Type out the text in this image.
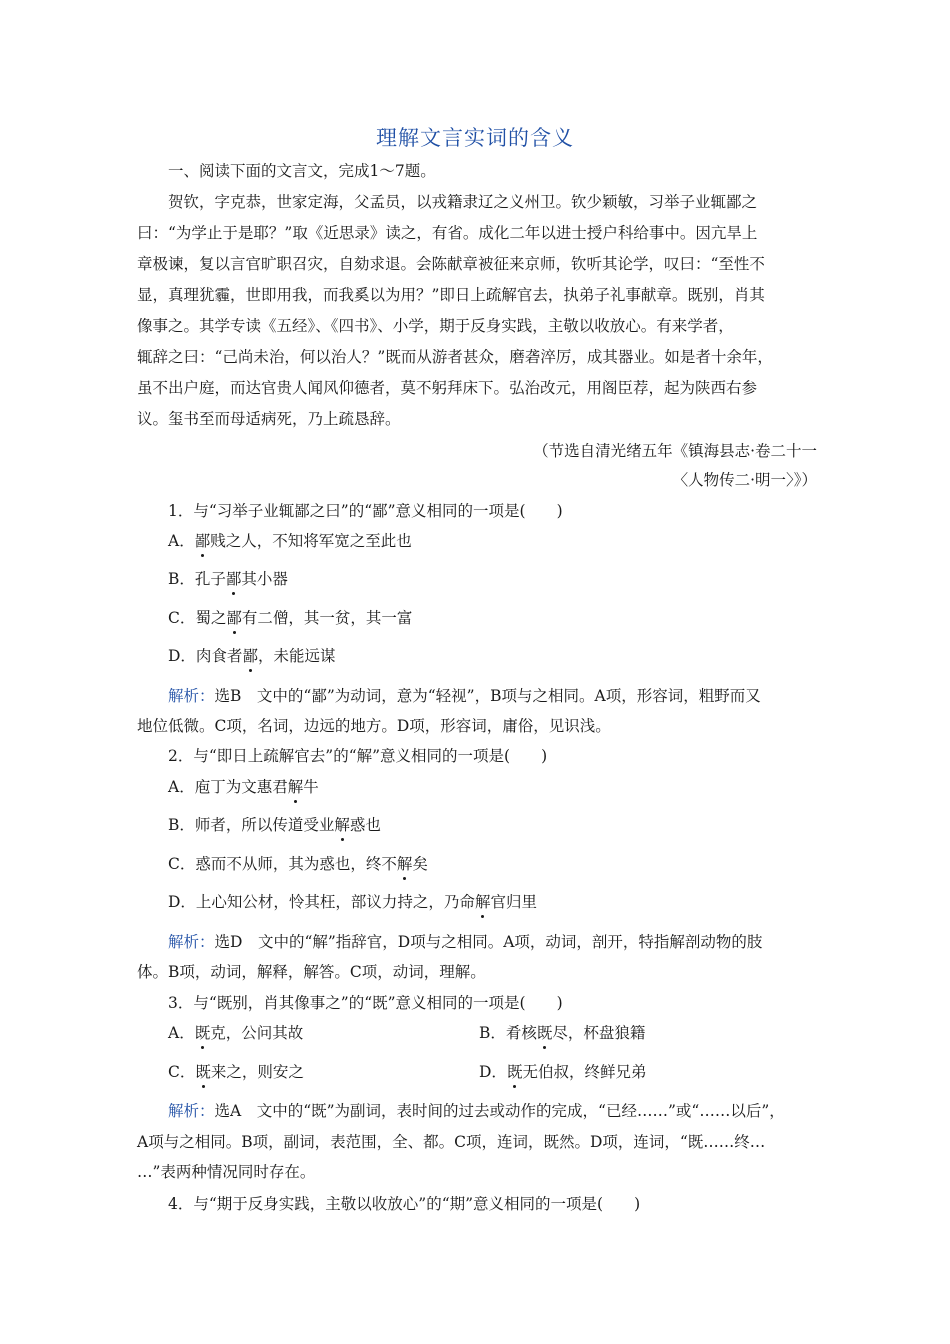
理解文言实词的含义
一、阅读下面的文言文，完成1～7题。
贺钦，字克恭，世家定海，父孟员，以戎籍隶辽之义州卫。钦少颖敏，习举子业辄鄙之
曰：“为学止于是耶？”取《近思录》读之，有省。成化二年以进士授户科给事中。因亢旱上
章极谏，复以言官旷职召灾，自劾求退。会陈献章被征来京师，钦听其论学，叹曰：“至性不
显，真理犹霾，世即用我，而我奚以为用？”即日上疏解官去，执弟子礼事献章。既别，肖其
像事之。其学专读《五经》、《四书》、小学，期于反身实践，主敬以收放心。有来学者，
辄辞之曰：“己尚未治，何以治人？”既而从游者甚众，磨砻淬厉，成其器业。如是者十余年，
虽不出户庭，而达官贵人闻风仰德者，莫不躬拜床下。弘治改元，用阁臣荐，起为陕西右参
议。玺书至而母适病死，乃上疏恳辞。
（节选自清光绪五年《镇海县志·卷二十一
〈人物传二·明一〉》）
1．与“习举子业辄鄙之曰”的“鄙”意义相同的一项是(　　)
A．鄙贱之人，不知将军宽之至此也
B．孔子鄙其小器
C．蜀之鄙有二僧，其一贫，其一富
D．肉食者鄙，未能远谋
解析：选B　文中的“鄙”为动词，意为“轻视”，B项与之相同。A项，形容词，粗野而又
地位低微。C项，名词，边远的地方。D项，形容词，庸俗，见识浅。
2．与“即日上疏解官去”的“解”意义相同的一项是(　　)
A．庖丁为文惠君解牛
B．师者，所以传道受业解惑也
C．惑而不从师，其为惑也，终不解矣
D．上心知公材，怜其枉，部议力持之，乃命解官归里
解析：选D　文中的“解”指辞官，D项与之相同。A项，动词，剖开，特指解剖动物的肢
体。B项，动词，解释，解答。C项，动词，理解。
3．与“既别，肖其像事之”的“既”意义相同的一项是(　　)
A．既克，公问其故	B．肴核既尽，杯盘狼籍
C．既来之，则安之	D．既无伯叔，终鲜兄弟
解析：选A　文中的“既”为副词，表时间的过去或动作的完成，“已经……”或“……以后”，
A项与之相同。B项，副词，表范围，全、都。C项，连词，既然。D项，连词，“既……终…
…”表两种情况同时存在。
4．与“期于反身实践，主敬以收放心”的“期”意义相同的一项是(　　)
